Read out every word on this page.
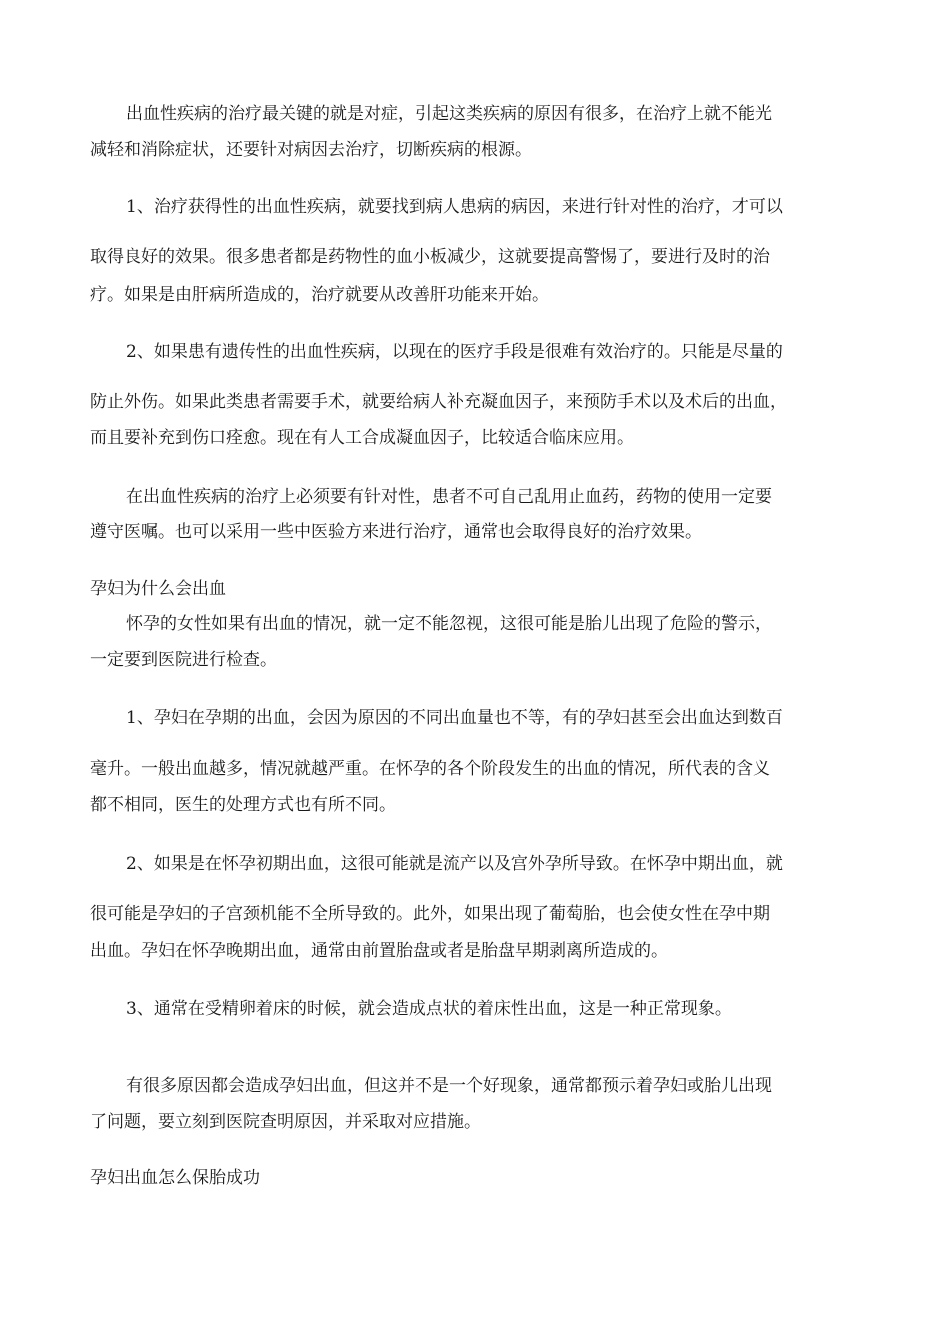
出血性疾病的治疗最关键的就是对症，引起这类疾病的原因有很多，在治疗上就不能光
减轻和消除症状，还要针对病因去治疗，切断疾病的根源。
1、治疗获得性的出血性疾病，就要找到病人患病的病因，来进行针对性的治疗，才可以
取得良好的效果。很多患者都是药物性的血小板减少，这就要提高警惕了，要进行及时的治
疗。如果是由肝病所造成的，治疗就要从改善肝功能来开始。
2、如果患有遗传性的出血性疾病，以现在的医疗手段是很难有效治疗的。只能是尽量的
防止外伤。如果此类患者需要手术，就要给病人补充凝血因子，来预防手术以及术后的出血，
而且要补充到伤口痊愈。现在有人工合成凝血因子，比较适合临床应用。
在出血性疾病的治疗上必须要有针对性，患者不可自己乱用止血药，药物的使用一定要
遵守医嘱。也可以采用一些中医验方来进行治疗，通常也会取得良好的治疗效果。
孕妇为什么会出血
怀孕的女性如果有出血的情况，就一定不能忽视，这很可能是胎儿出现了危险的警示，
一定要到医院进行检查。
1、孕妇在孕期的出血，会因为原因的不同出血量也不等，有的孕妇甚至会出血达到数百
毫升。一般出血越多，情况就越严重。在怀孕的各个阶段发生的出血的情况，所代表的含义
都不相同，医生的处理方式也有所不同。
2、如果是在怀孕初期出血，这很可能就是流产以及宫外孕所导致。在怀孕中期出血，就
很可能是孕妇的子宫颈机能不全所导致的。此外，如果出现了葡萄胎，也会使女性在孕中期
出血。孕妇在怀孕晚期出血，通常由前置胎盘或者是胎盘早期剥离所造成的。
3、通常在受精卵着床的时候，就会造成点状的着床性出血，这是一种正常现象。
有很多原因都会造成孕妇出血，但这并不是一个好现象，通常都预示着孕妇或胎儿出现
了问题，要立刻到医院查明原因，并采取对应措施。
孕妇出血怎么保胎成功
